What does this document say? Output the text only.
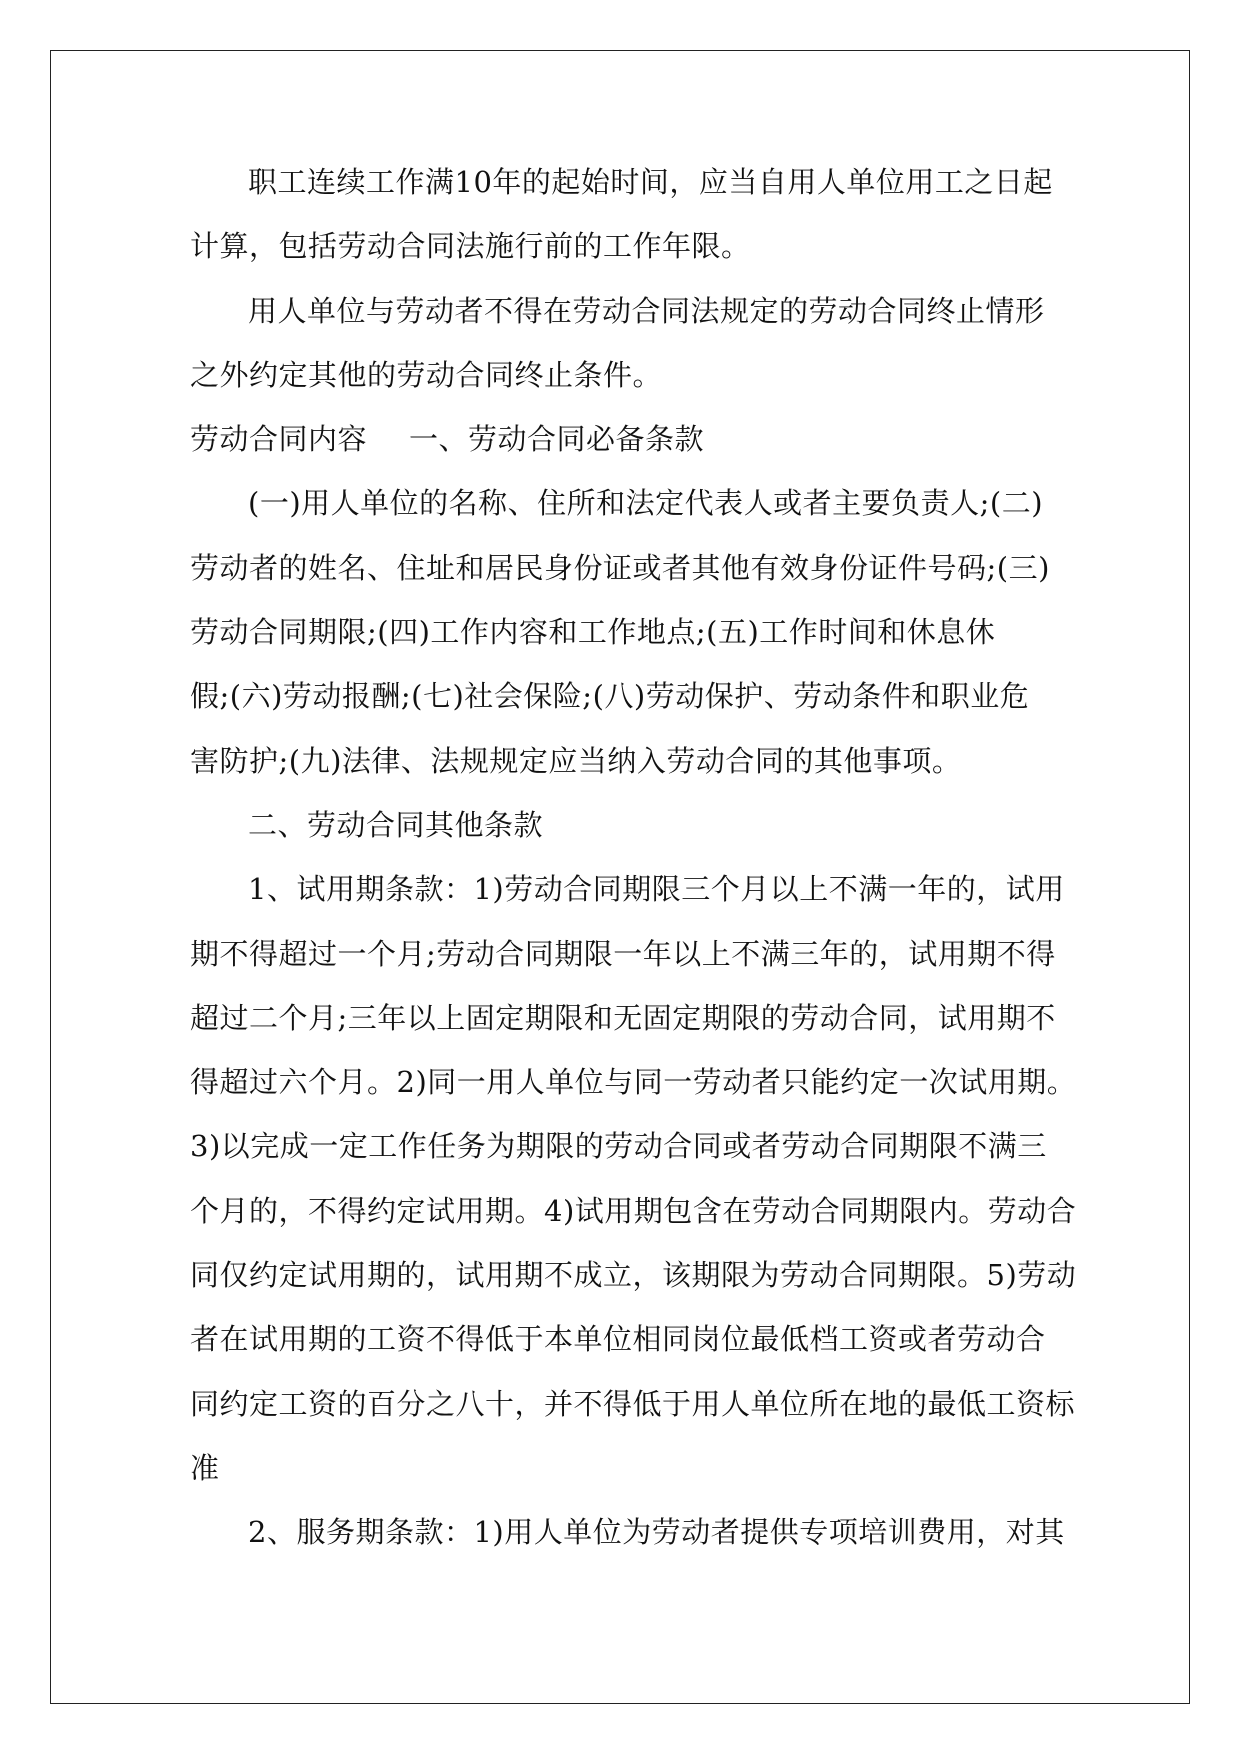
职工连续工作满10年的起始时间，应当自用人单位用工之日起
计算，包括劳动合同法施行前的工作年限。
用人单位与劳动者不得在劳动合同法规定的劳动合同终止情形
之外约定其他的劳动合同终止条件。
劳动合同内容 一、劳动合同必备条款
(一)用人单位的名称、住所和法定代表人或者主要负责人;(二)
劳动者的姓名、住址和居民身份证或者其他有效身份证件号码;(三)
劳动合同期限;(四)工作内容和工作地点;(五)工作时间和休息休
假;(六)劳动报酬;(七)社会保险;(八)劳动保护、劳动条件和职业危
害防护;(九)法律、法规规定应当纳入劳动合同的其他事项。
二、劳动合同其他条款
1、试用期条款：1)劳动合同期限三个月以上不满一年的，试用
期不得超过一个月;劳动合同期限一年以上不满三年的，试用期不得
超过二个月;三年以上固定期限和无固定期限的劳动合同，试用期不
得超过六个月。2)同一用人单位与同一劳动者只能约定一次试用期。
3)以完成一定工作任务为期限的劳动合同或者劳动合同期限不满三
个月的，不得约定试用期。4)试用期包含在劳动合同期限内。劳动合
同仅约定试用期的，试用期不成立，该期限为劳动合同期限。5)劳动
者在试用期的工资不得低于本单位相同岗位最低档工资或者劳动合
同约定工资的百分之八十，并不得低于用人单位所在地的最低工资标
准
2、服务期条款：1)用人单位为劳动者提供专项培训费用，对其
